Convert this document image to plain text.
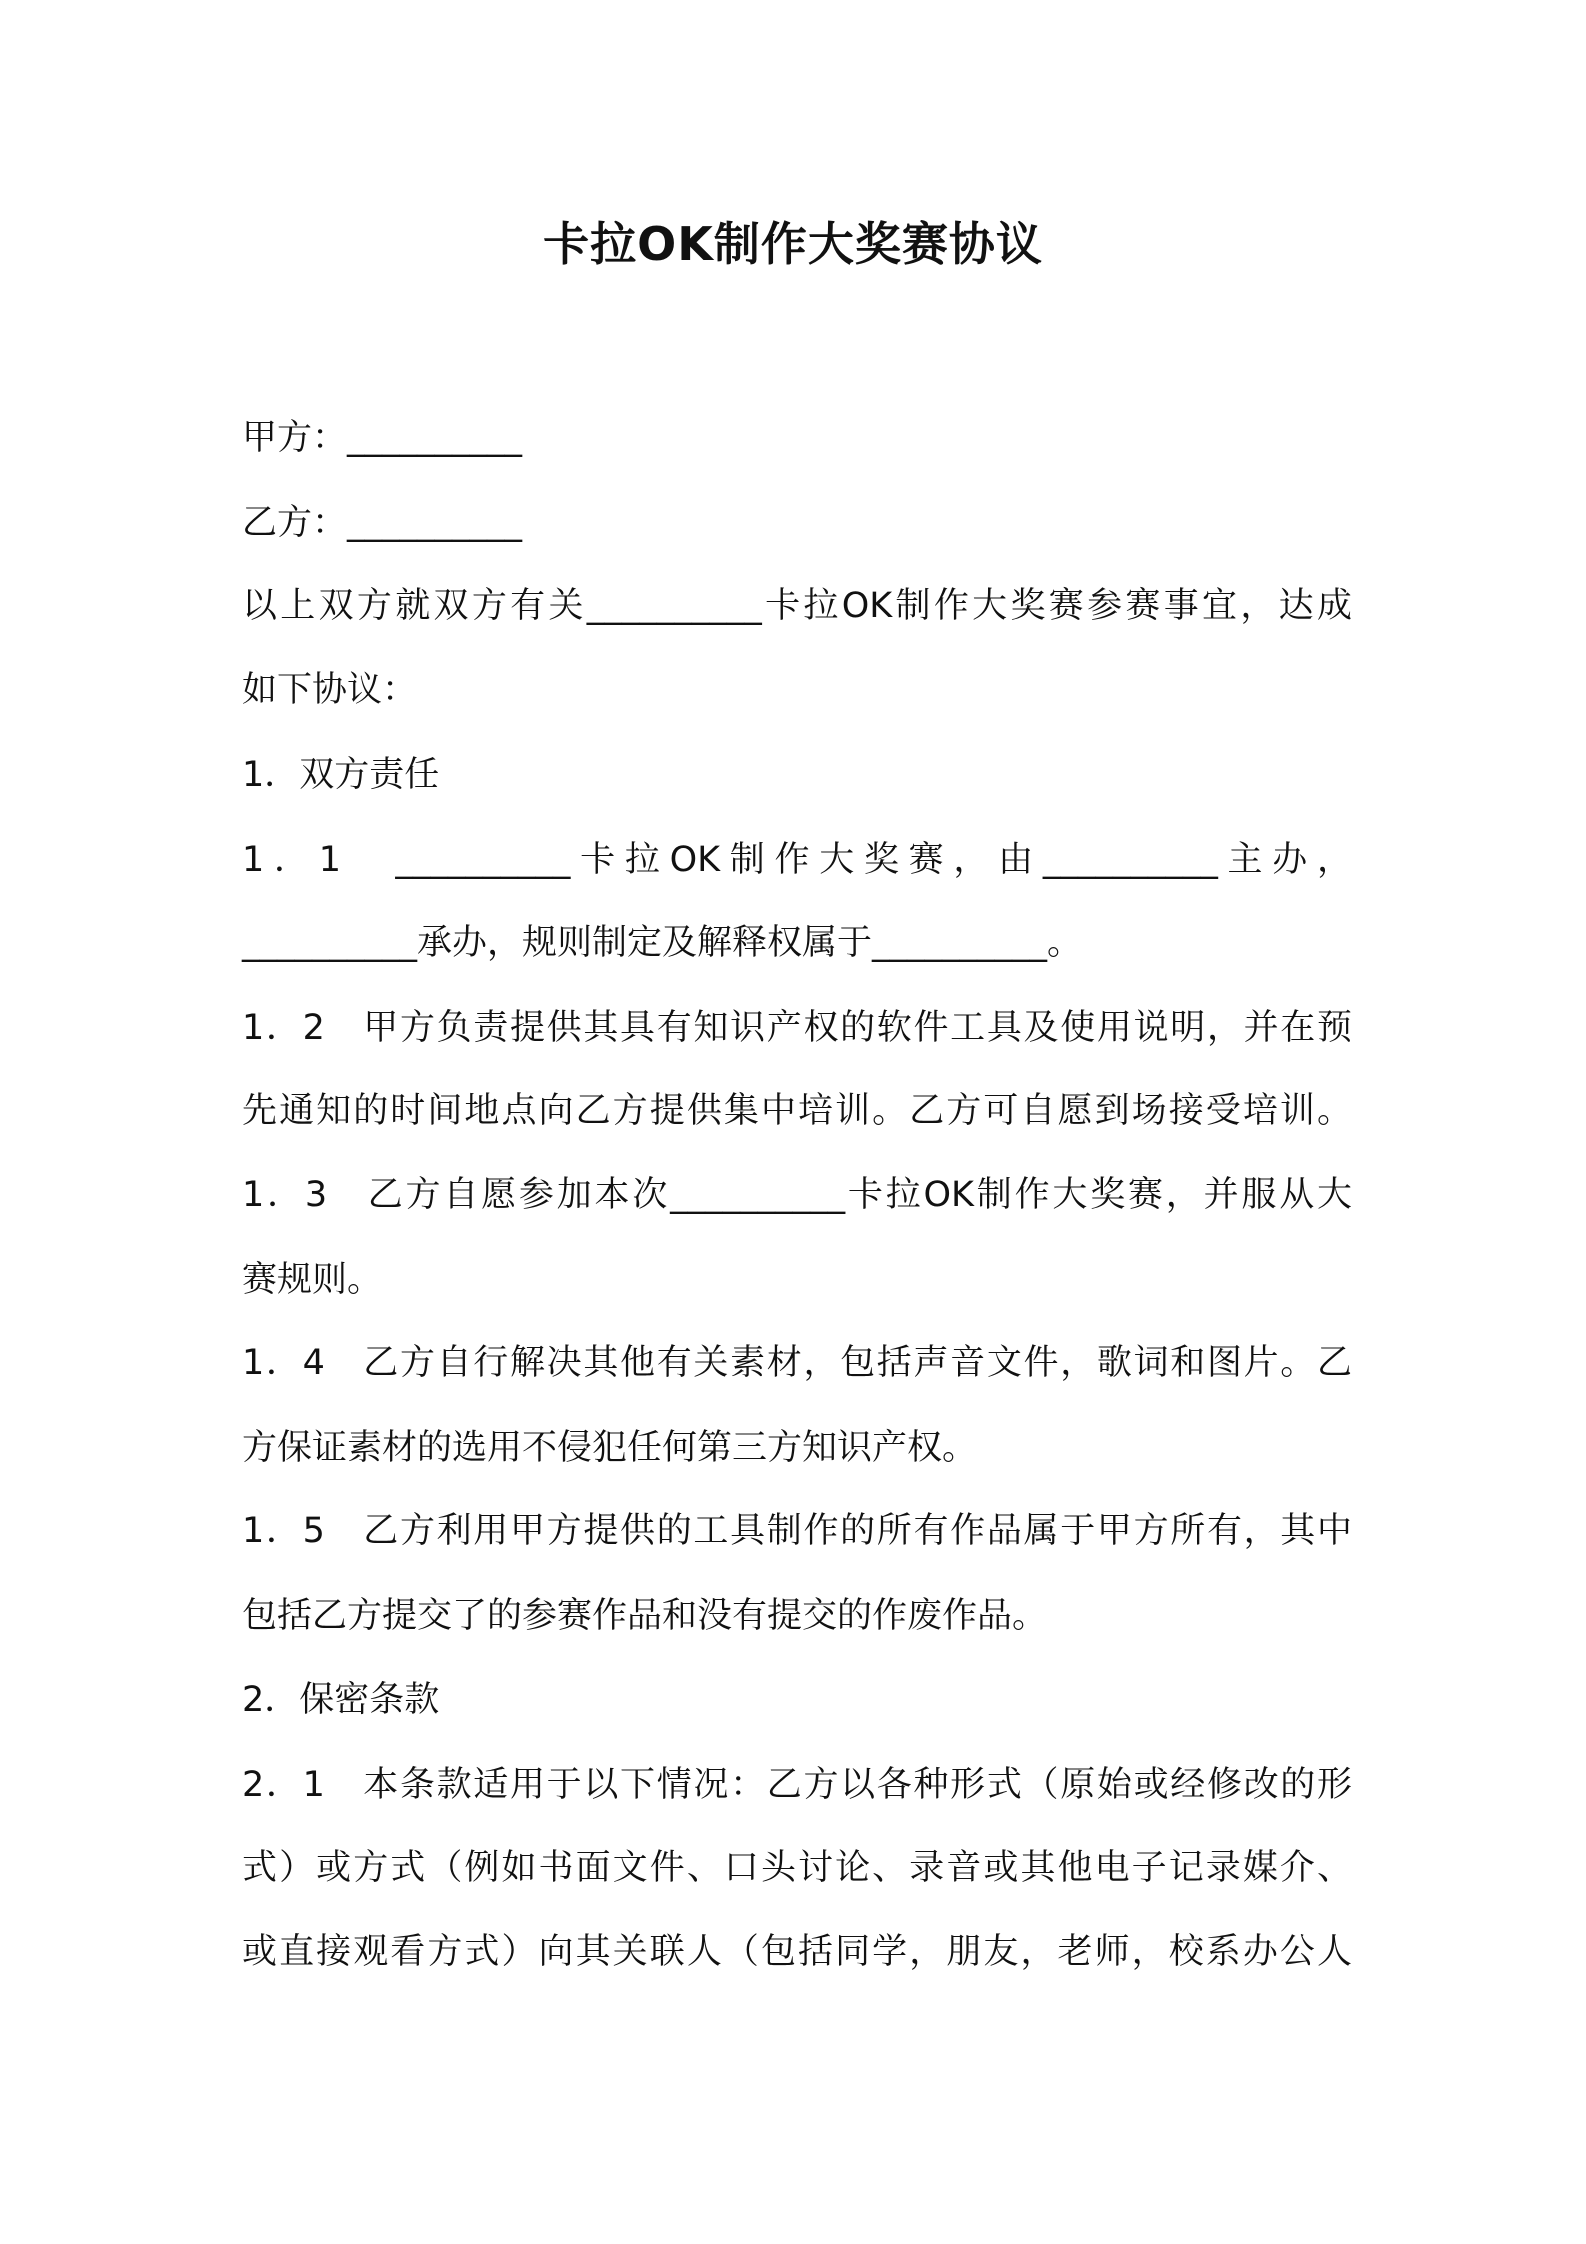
卡拉OK制作大奖赛协议

甲方：__________

乙方：__________

以上双方就双方有关__________卡拉OK制作大奖赛参赛事宜，达成

如下协议：

1．双方责任

1．1　__________卡拉OK制作大奖赛，由__________主办，

__________承办，规则制定及解释权属于__________。

1．2　甲方负责提供其具有知识产权的软件工具及使用说明，并在预

先通知的时间地点向乙方提供集中培训。乙方可自愿到场接受培训。

1．3　乙方自愿参加本次__________卡拉OK制作大奖赛，并服从大

赛规则。

1．4　乙方自行解决其他有关素材，包括声音文件，歌词和图片。乙

方保证素材的选用不侵犯任何第三方知识产权。

1．5　乙方利用甲方提供的工具制作的所有作品属于甲方所有，其中

包括乙方提交了的参赛作品和没有提交的作废作品。

2．保密条款

2．1　本条款适用于以下情况：乙方以各种形式（原始或经修改的形

式）或方式（例如书面文件、口头讨论、录音或其他电子记录媒介、

或直接观看方式）向其关联人（包括同学，朋友，老师，校系办公人
